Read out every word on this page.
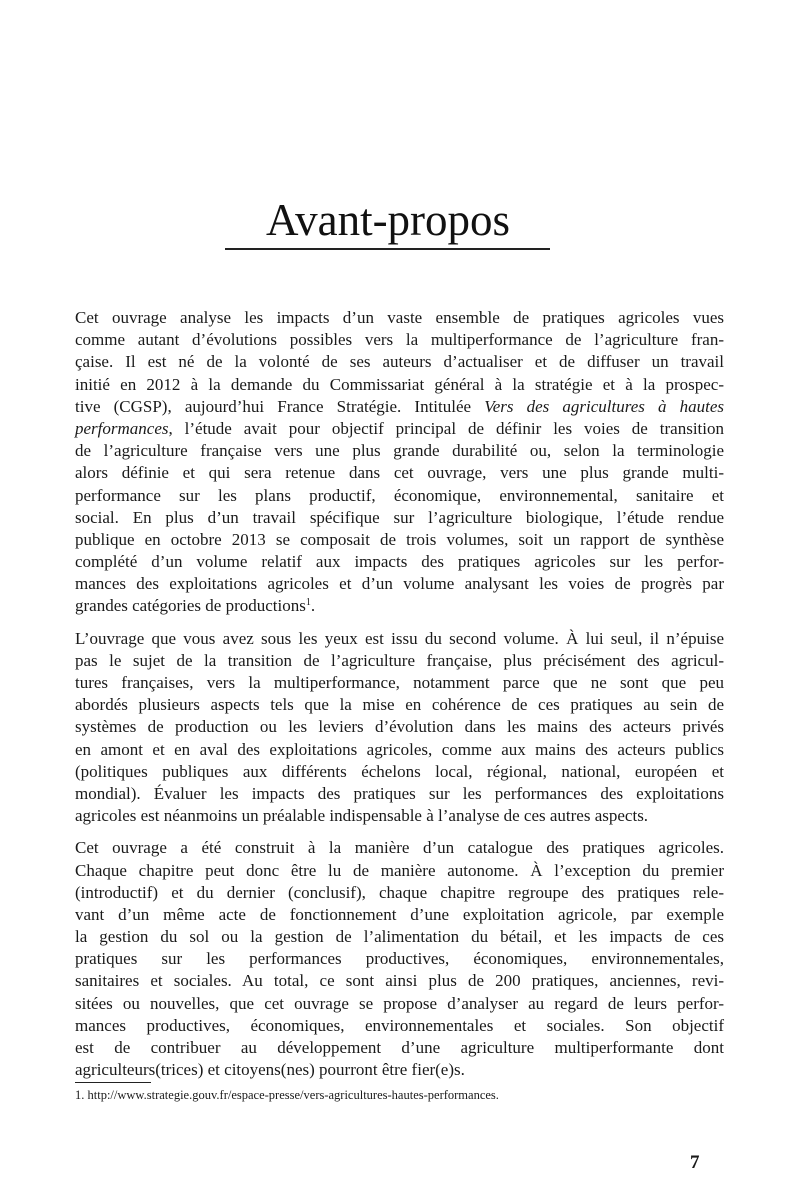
Avant-propos
Cet ouvrage analyse les impacts d’un vaste ensemble de pratiques agricoles vues
comme autant d’évolutions possibles vers la multiperformance de l’agriculture fran-
çaise. Il est né de la volonté de ses auteurs d’actualiser et de diffuser un travail
initié en 2012 à la demande du Commissariat général à la stratégie et à la prospec-
tive (CGSP), aujourd’hui France Stratégie. Intitulée Vers des agricultures à hautes
performances, l’étude avait pour objectif principal de définir les voies de transition
de l’agriculture française vers une plus grande durabilité ou, selon la terminologie
alors définie et qui sera retenue dans cet ouvrage, vers une plus grande multi-
performance sur les plans productif, économique, environnemental, sanitaire et
social. En plus d’un travail spécifique sur l’agriculture biologique, l’étude rendue
publique en octobre 2013 se composait de trois volumes, soit un rapport de synthèse
complété d’un volume relatif aux impacts des pratiques agricoles sur les perfor-
mances des exploitations agricoles et d’un volume analysant les voies de progrès par
grandes catégories de productions$^1$.
L’ouvrage que vous avez sous les yeux est issu du second volume. À lui seul, il n’épuise
pas le sujet de la transition de l’agriculture française, plus précisément des agricul-
tures françaises, vers la multiperformance, notamment parce que ne sont que peu
abordés plusieurs aspects tels que la mise en cohérence de ces pratiques au sein de
systèmes de production ou les leviers d’évolution dans les mains des acteurs privés
en amont et en aval des exploitations agricoles, comme aux mains des acteurs publics
(politiques publiques aux différents échelons local, régional, national, européen et
mondial). Évaluer les impacts des pratiques sur les performances des exploitations
agricoles est néanmoins un préalable indispensable à l’analyse de ces autres aspects.
Cet ouvrage a été construit à la manière d’un catalogue des pratiques agricoles.
Chaque chapitre peut donc être lu de manière autonome. À l’exception du premier
(introductif) et du dernier (conclusif), chaque chapitre regroupe des pratiques rele-
vant d’un même acte de fonctionnement d’une exploitation agricole, par exemple
la gestion du sol ou la gestion de l’alimentation du bétail, et les impacts de ces
pratiques sur les performances productives, économiques, environnementales,
sanitaires et sociales. Au total, ce sont ainsi plus de 200 pratiques, anciennes, revi-
sitées ou nouvelles, que cet ouvrage se propose d’analyser au regard de leurs perfor-
mances productives, économiques, environnementales et sociales. Son objectif
est de contribuer au développement d’une agriculture multiperformante dont
agriculteurs(trices) et citoyens(nes) pourront être fier(e)s.
1. http://www.strategie.gouv.fr/espace-presse/vers-agricultures-hautes-performances.
7
